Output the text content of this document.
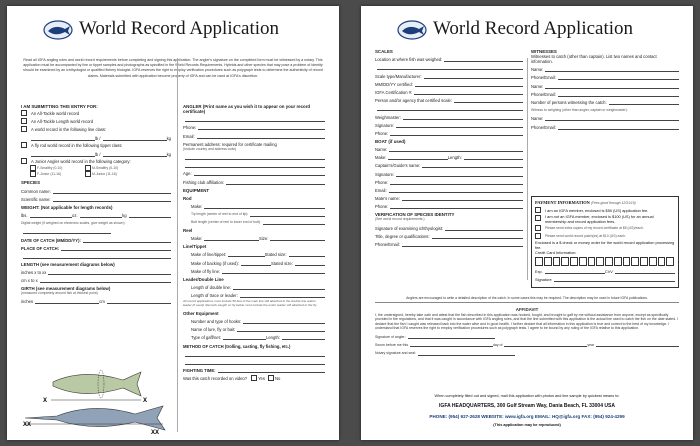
World Record Application
Read all IGFA angling rules and world record requirements before completing and signing this application. The angler's signature on the completed form must be witnessed by a notary. This application must be accompanied by line or tippet samples and photographs as specified in the World Records Requirements. Hybrids and other species that may pose a problem of identity should be examined by an ichthyologist or qualified fishery biologist. IGFA reserves the right to employ verification procedures such as polygraph tests to determine the authenticity of record claims. Materials submitted with application become property of IGFA and can be used at IGFA's discretion.
I AM SUBMITTING THIS ENTRY FOR:
An All-Tackle world record
An All-Tackle Length world record
A world record in the following line class:
lb /	kg
A fly rod world record in the following tippet class:
lb /	kg
A Junior Angler world record in the following category:
F-Smallfry (0-10)	M-Smallfry (0-10)
F-Junior (11-16)	M-Junior (11-16)
SPECIES
Common name:
Scientific name:
WEIGHT: (Not applicable for length records)
lbs.	oz.	kg
Digital weight (if weighed on electronic scales, give weight as shown)
DATE OF CATCH (MM/DD/YY):
PLACE OF CATCH:
LENGTH (see measurement diagrams below)
inches x to xx
cm x to x
GIRTH (see measurement diagrams below)
(measured completely around fish at thickest point)
inches	cm
X	X
XX
XX
ANGLER (Print name as you wish it to appear on your record certificate)
Phone:
Email:
Permanent address: required for certificate mailing
(Include country and address code)
Age:
Fishing club affiliation:
EQUIPMENT
Rod
Make:
Tip length (center of reel to end of tip):
Butt length (center of reel to lower end of butt):
Reel
Make:	Size:
Line/Tippet
Make of line/tippet:	Stated size:
Make of backing (if used):	Stated size:
Make of fly line:
Leader/Double Line
Length of double line:
Length of trace or leader:
All record applications must include 50 feet of the main line still attached to the double line and/or leader (if used). Records caught on fly tackle must include the entire leader still attached to the fly.
Other Equipment
Number and type of hooks:
Name of lure, fly or bait:
Type of gaff/net:	Length:
METHOD OF CATCH (trolling, casting, fly fishing, etc.)
FIGHTING TIME:
Was this catch recorded on video?	Yes No
World Record Application
SCALES
Location at where fish was weighed:
Scale type/Manufacturer:
MM/DD/YY certified:
IGFA Certification #:
Person and/or agency that certified scale:
Weighmaster:
Signature:
Phone:
BOAT (if used)
Name:
Make:	Length:
Captain's/Guide's name:
Signature:
Phone:
Email:
Mate's name:
Phone:
VERIFICATION OF SPECIES IDENTITY
(See world record requirements.)
Signature of examining ichthyologist:
Title, degree or qualifications:
Phone/Email:
WITNESSES
Witnesses to catch (other than captain). List two names and contact information.
Name:
Phone/Email:
Name:
Phone/Email:
Number of persons witnessing the catch:
Witness to weighing (other than angler, captain or weighmaster):
Name:
Phone/Email:
PAYMENT INFORMATION (Fees good through 12/31/19)
I am an IGFA member, enclosed is $50 (US) application fee.
I am not an IGFA member, enclosed is $100 (US) for an annual membership and record application fees.
Please send extra copies of my record certificate at $5 (US)/each.
Please send world record patch(es) at $10 (US) each.
Enclosed is a $ check or money order for the world record application processing fee.
Credit Card Information:
Exp.	CVV
Signature
Anglers are encouraged to write a detailed description of the catch. In some cases this may be required. The description may be used in future IGFA publications.
AFFIDAVIT
I, the undersigned, hereby take oath and attest that the fish described in this application was hooked, fought, and brought to gaff by me without assistance from anyone, except as specifically provided in the regulations, and that it was caught in accordance with IGFA angling rules, and that the line submitted with this application is the actual line used to catch the fish on the date stated. I declare that the fish I caught was released back into the water alive and in good health. I further declare that all information in this application is true and correct to the best of my knowledge. I understand that IGFA reserves the right to employ verification procedures such as polygraph tests. I agree to be bound by any ruling of the IGFA relative to this application.
Signature of angler:
Sworn before me this	day of	year
Notary signature and seal:
When completely filled out and signed, mail this application with photos and line sample by quickest means to:
IGFA HEADQUARTERS, 300 Gulf Stream Way, Dania Beach, FL 33004 USA
PHONE: (954) 927-2628 WEBSITE: www.igfa.org EMAIL: HQ@igfa.org FAX: (954) 924-4299
(This application may be reproduced)
